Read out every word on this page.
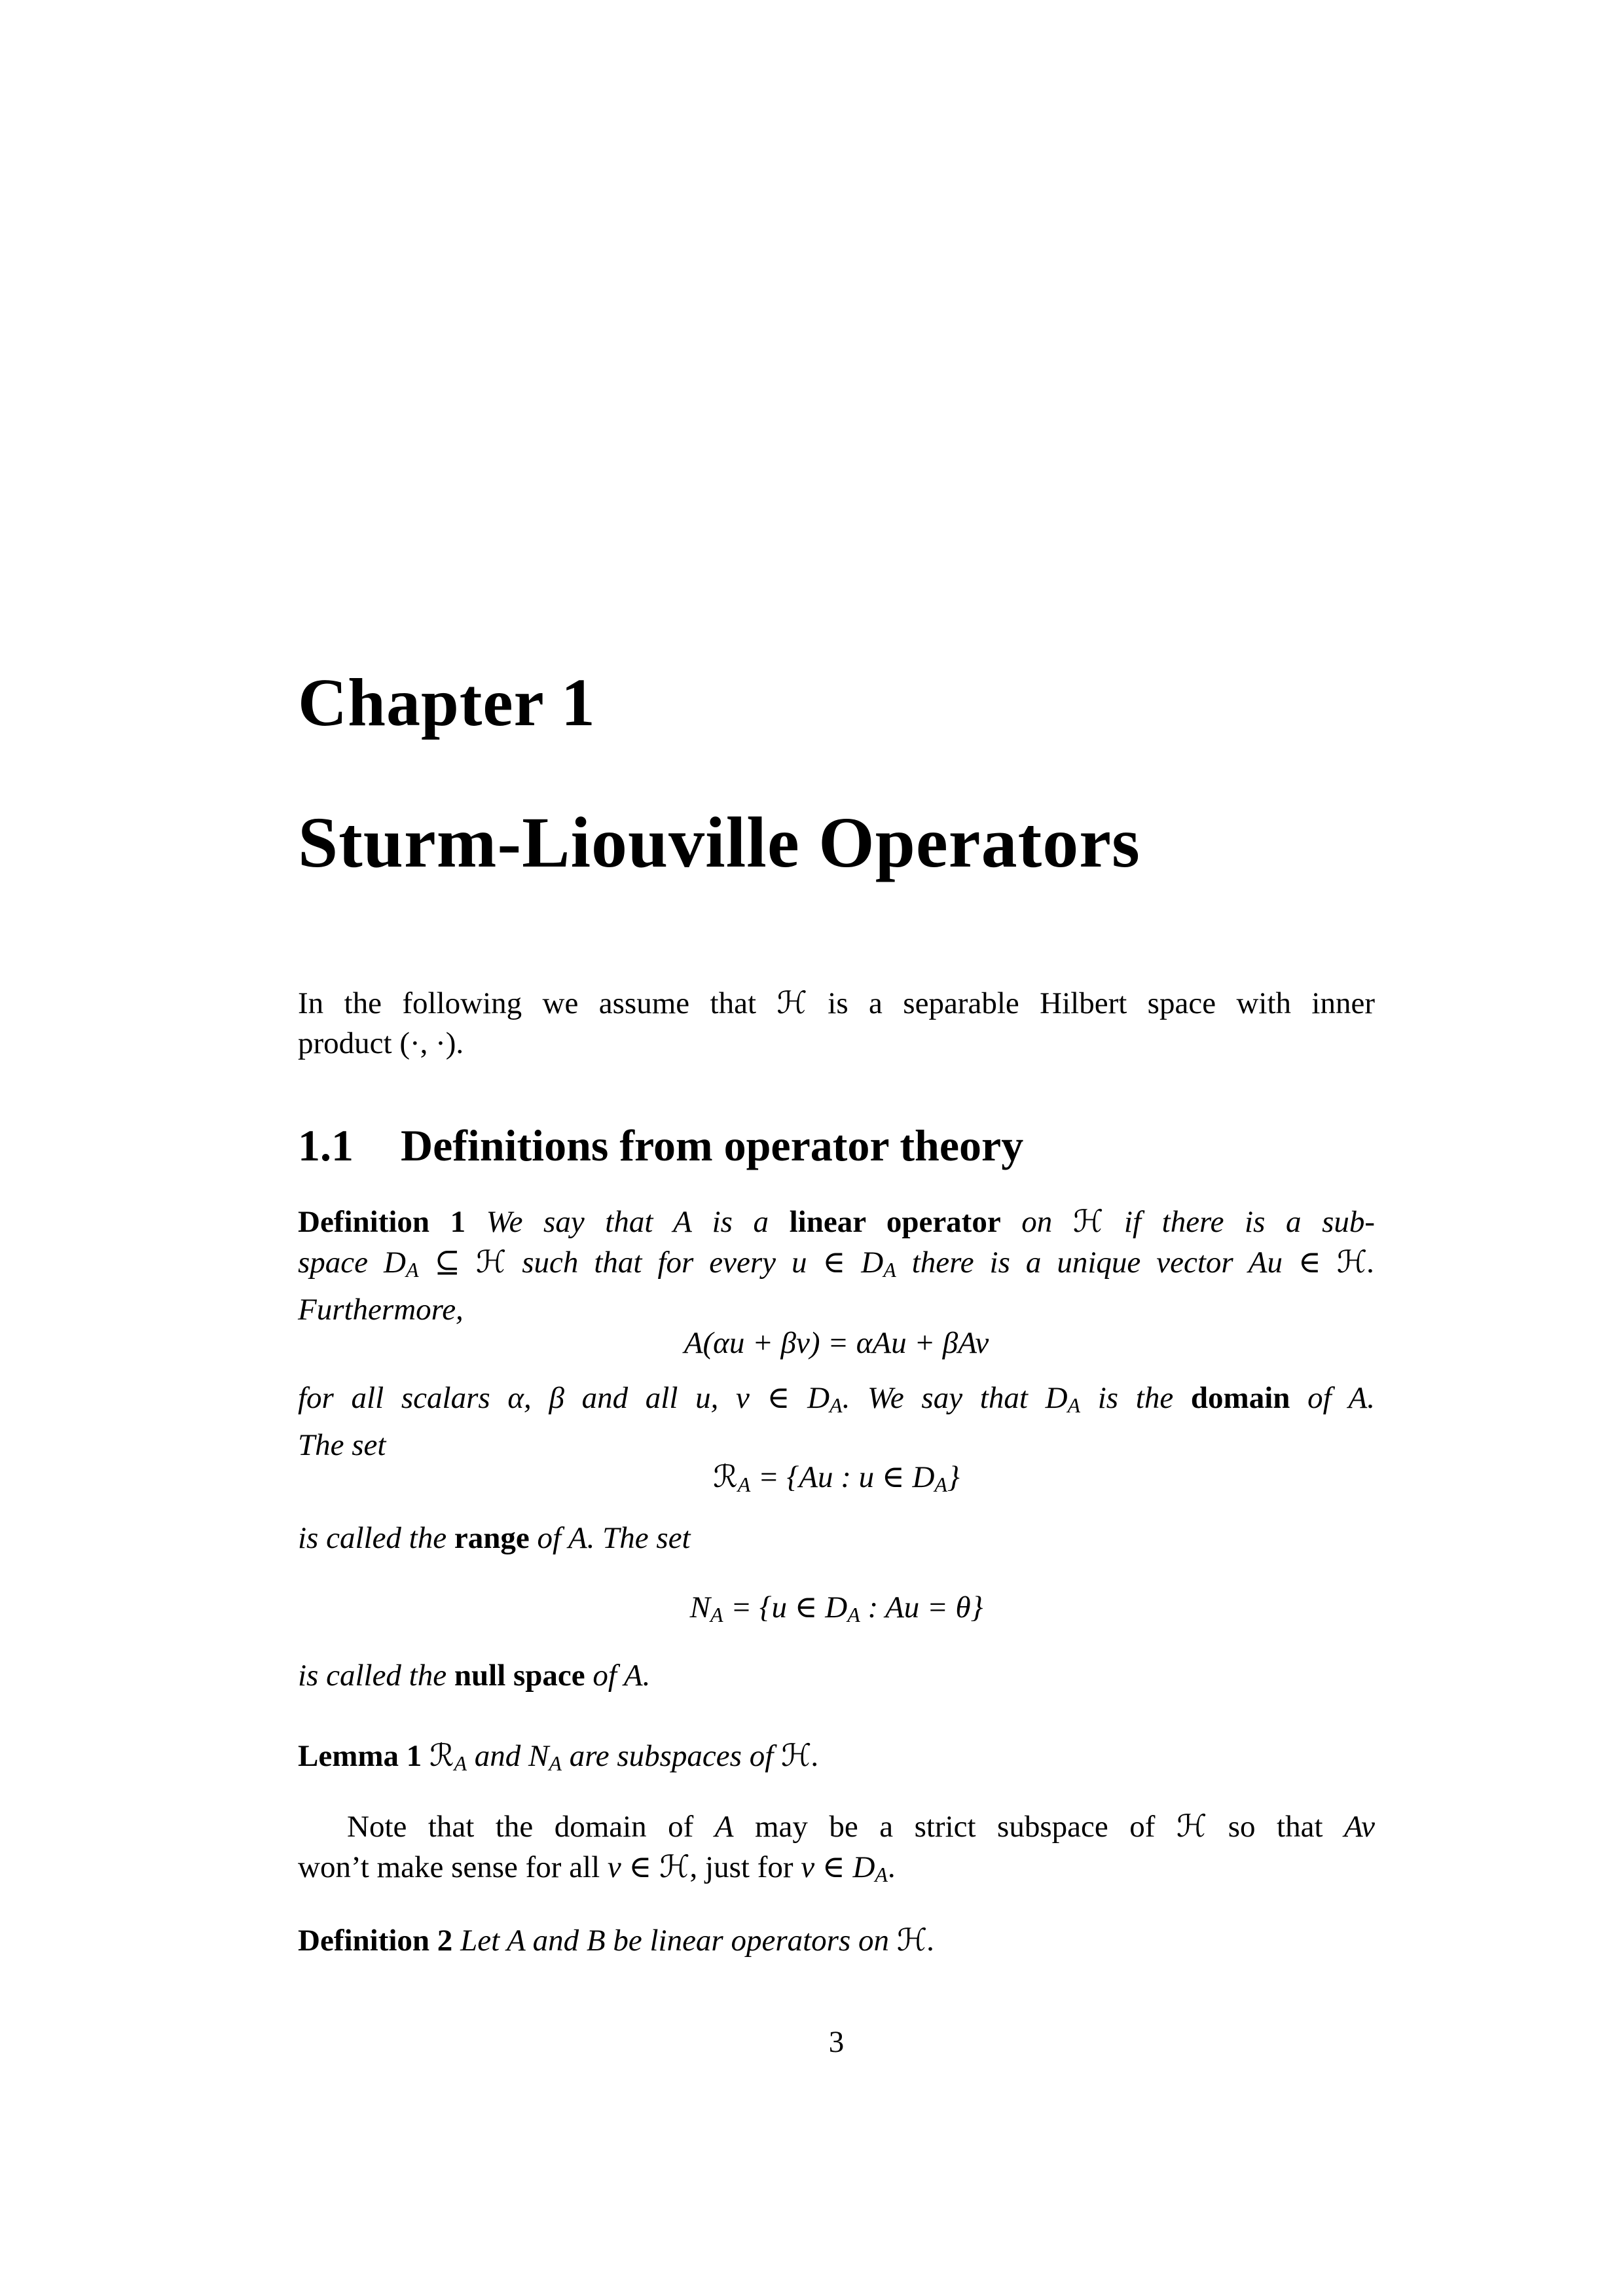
Chapter 1
Sturm-Liouville Operators
In the following we assume that ℋ is a separable Hilbert space with inner
product (·, ·).
1.1 Definitions from operator theory
Definition 1 We say that A is a linear operator on ℋ if there is a sub-
space $D_A$ ⊆ ℋ such that for every u ∈ $D_A$ there is a unique vector Au ∈ ℋ.
Furthermore,
A(αu + βv) = αAu + βAv
for all scalars α, β and all u, v ∈ $D_A$. We say that $D_A$ is the domain of A.
The set
ℛ$_A$ = {Au : u ∈ $D_A$}
is called the range of A. The set
$N_A = \{u$ ∈ $D_A$ : Au = θ}
is called the null space of A.
Lemma 1 ℛ$_A$ and $N_A$ are subspaces of ℋ.
Note that the domain of A may be a strict subspace of ℋ so that Av
won’t make sense for all v ∈ ℋ, just for v ∈ $D_A$.
Definition 2 Let A and B be linear operators on ℋ.
3
